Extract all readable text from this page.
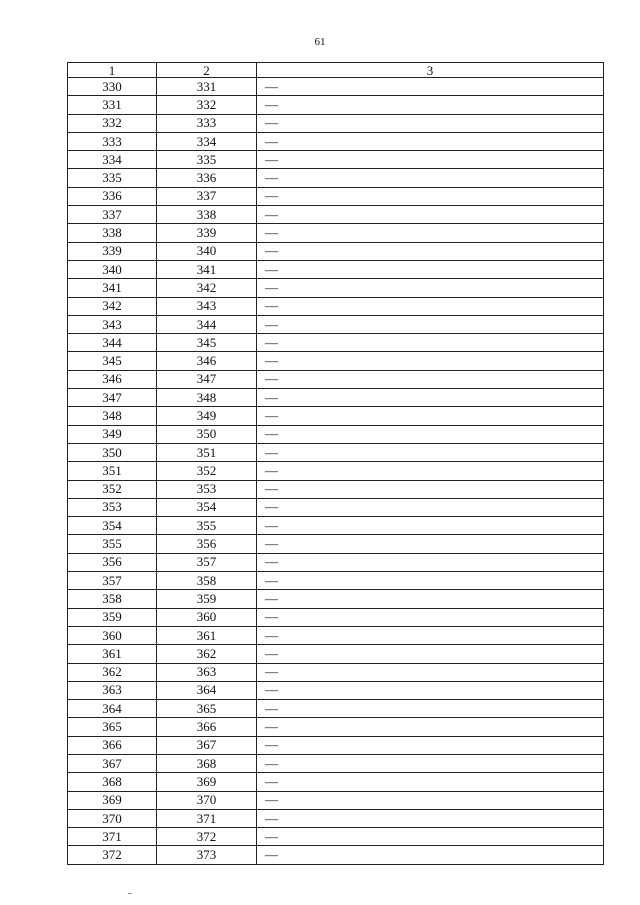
61
1	2	3
330	331	—
331	332	—
332	333	—
333	334	—
334	335	—
335	336	—
336	337	—
337	338	—
338	339	—
339	340	—
340	341	—
341	342	—
342	343	—
343	344	—
344	345	—
345	346	—
346	347	—
347	348	—
348	349	—
349	350	—
350	351	—
351	352	—
352	353	—
353	354	—
354	355	—
355	356	—
356	357	—
357	358	—
358	359	—
359	360	—
360	361	—
361	362	—
362	363	—
363	364	—
364	365	—
365	366	—
366	367	—
367	368	—
368	369	—
369	370	—
370	371	—
371	372	—
372	373	—
